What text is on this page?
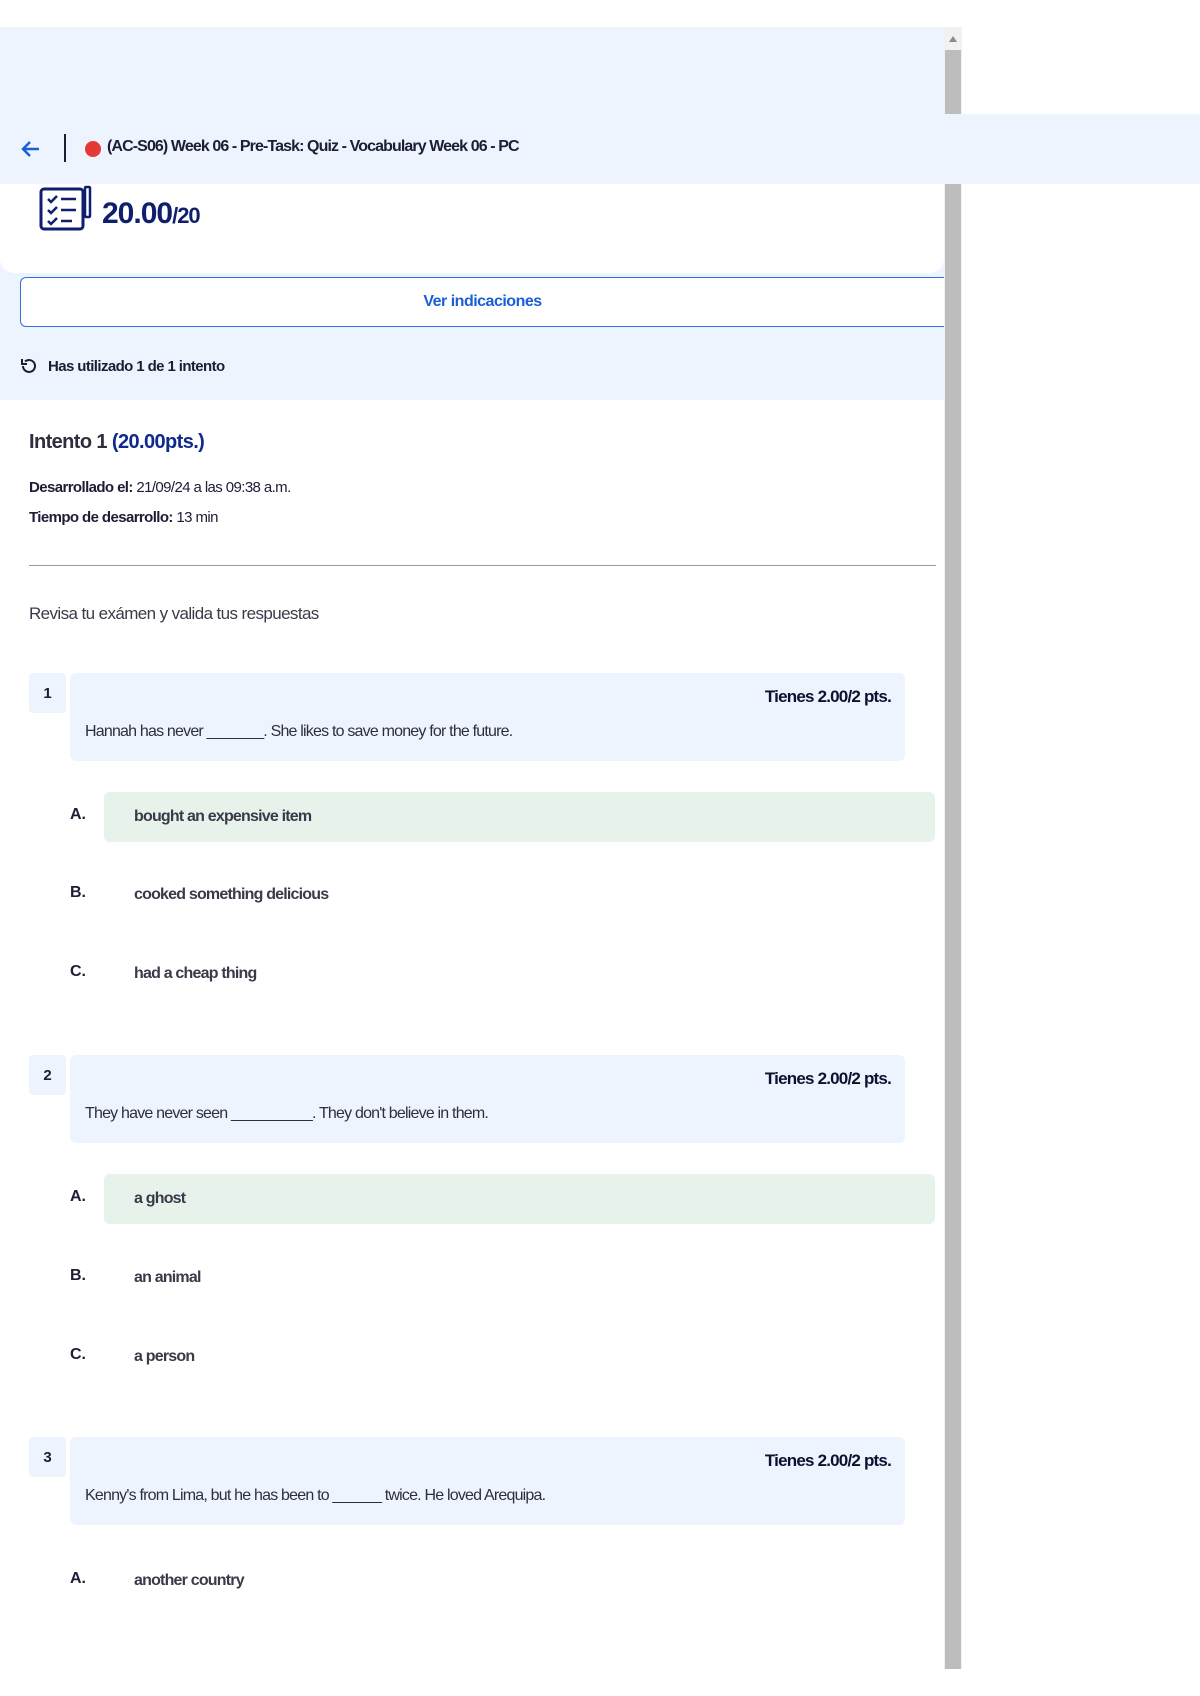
20.00/20
Ver indicaciones
Has utilizado 1 de 1 intento
Intento 1 (20.00pts.)
Desarrollado el: 21/09/24 a las 09:38 a.m.
Tiempo de desarrollo: 13 min
Revisa tu exámen y valida tus respuestas
1	Tienes 2.00/2 pts.
Hannah has never _______. She likes to save money for the future.
A.	bought an expensive item
B.	cooked something delicious
C.	had a cheap thing
2	Tienes 2.00/2 pts.
They have never seen __________. They don't believe in them.
A.	a ghost
B.	an animal
C.	a person
3	Tienes 2.00/2 pts.
Kenny's from Lima, but he has been to ______ twice. He loved Arequipa.
A.	another country
(AC-S06) Week 06 - Pre-Task: Quiz - Vocabulary Week 06 - PC
